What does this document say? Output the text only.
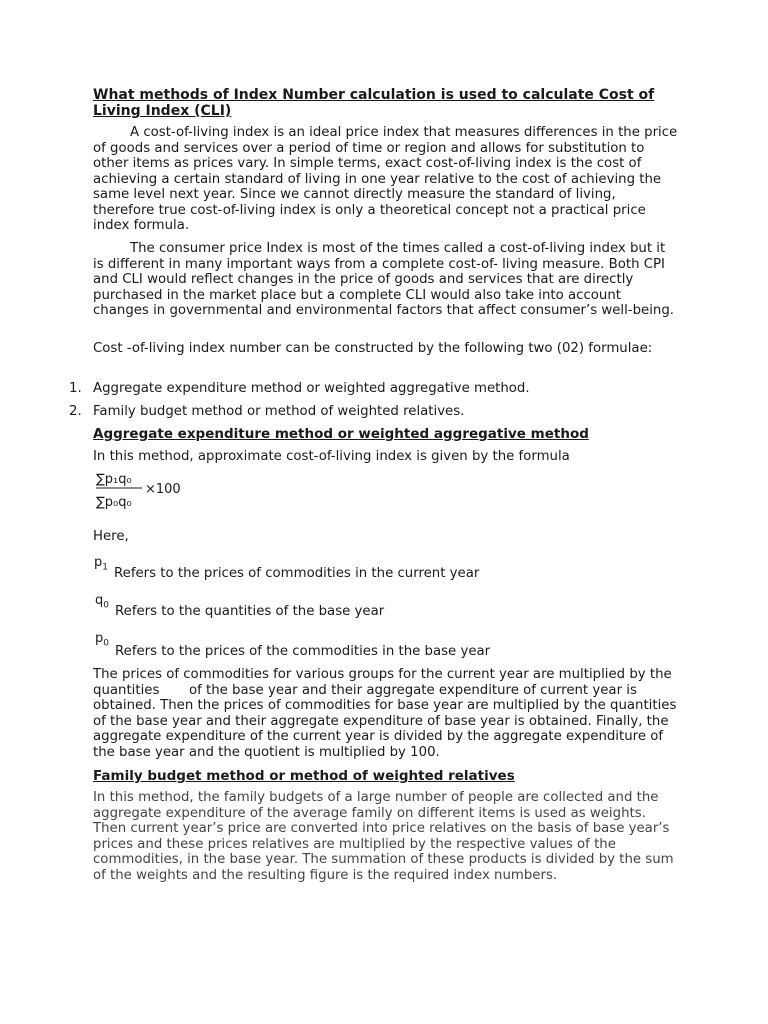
What methods of Index Number calculation is used to calculate Cost of Living Index (CLI)

A cost-of-living index is an ideal price index that measures differences in the price of goods and services over a period of time or region and allows for substitution to other items as prices vary. In simple terms, exact cost-of-living index is the cost of achieving a certain standard of living in one year relative to the cost of achieving the same level next year. Since we cannot directly measure the standard of living, therefore true cost-of-living index is only a theoretical concept not a practical price index formula.

The consumer price Index is most of the times called a cost-of-living index but it is different in many important ways from a complete cost-of- living measure. Both CPI and CLI would reflect changes in the price of goods and services that are directly purchased in the market place but a complete CLI would also take into account changes in governmental and environmental factors that affect consumer’s well-being.

Cost -of-living index number can be constructed by the following two (02) formulae:

1. Aggregate expenditure method or weighted aggregative method.
2. Family budget method or method of weighted relatives.
Aggregate expenditure method or weighted aggregative method

In this method, approximate cost-of-living index is given by the formula

∑p₁q₀
∑p₀q₀
×100

Here,

$p_1$ Refers to the prices of commodities in the current year
$q_0$ Refers to the quantities of the base year
$p_0$
Refers to the prices of the commodities in the base year

The prices of commodities for various groups for the current year are multiplied by the quantities       of the base year and their aggregate expenditure of current year is obtained. Then the prices of commodities for base year are multiplied by the quantities of the base year and their aggregate expenditure of base year is obtained. Finally, the aggregate expenditure of the current year is divided by the aggregate expenditure of the base year and the quotient is multiplied by 100.

Family budget method or method of weighted relatives

In this method, the family budgets of a large number of people are collected and the aggregate expenditure of the average family on different items is used as weights. Then current year’s price are converted into price relatives on the basis of base year’s prices and these prices relatives are multiplied by the respective values of the commodities, in the base year. The summation of these products is divided by the sum of the weights and the resulting figure is the required index numbers.
